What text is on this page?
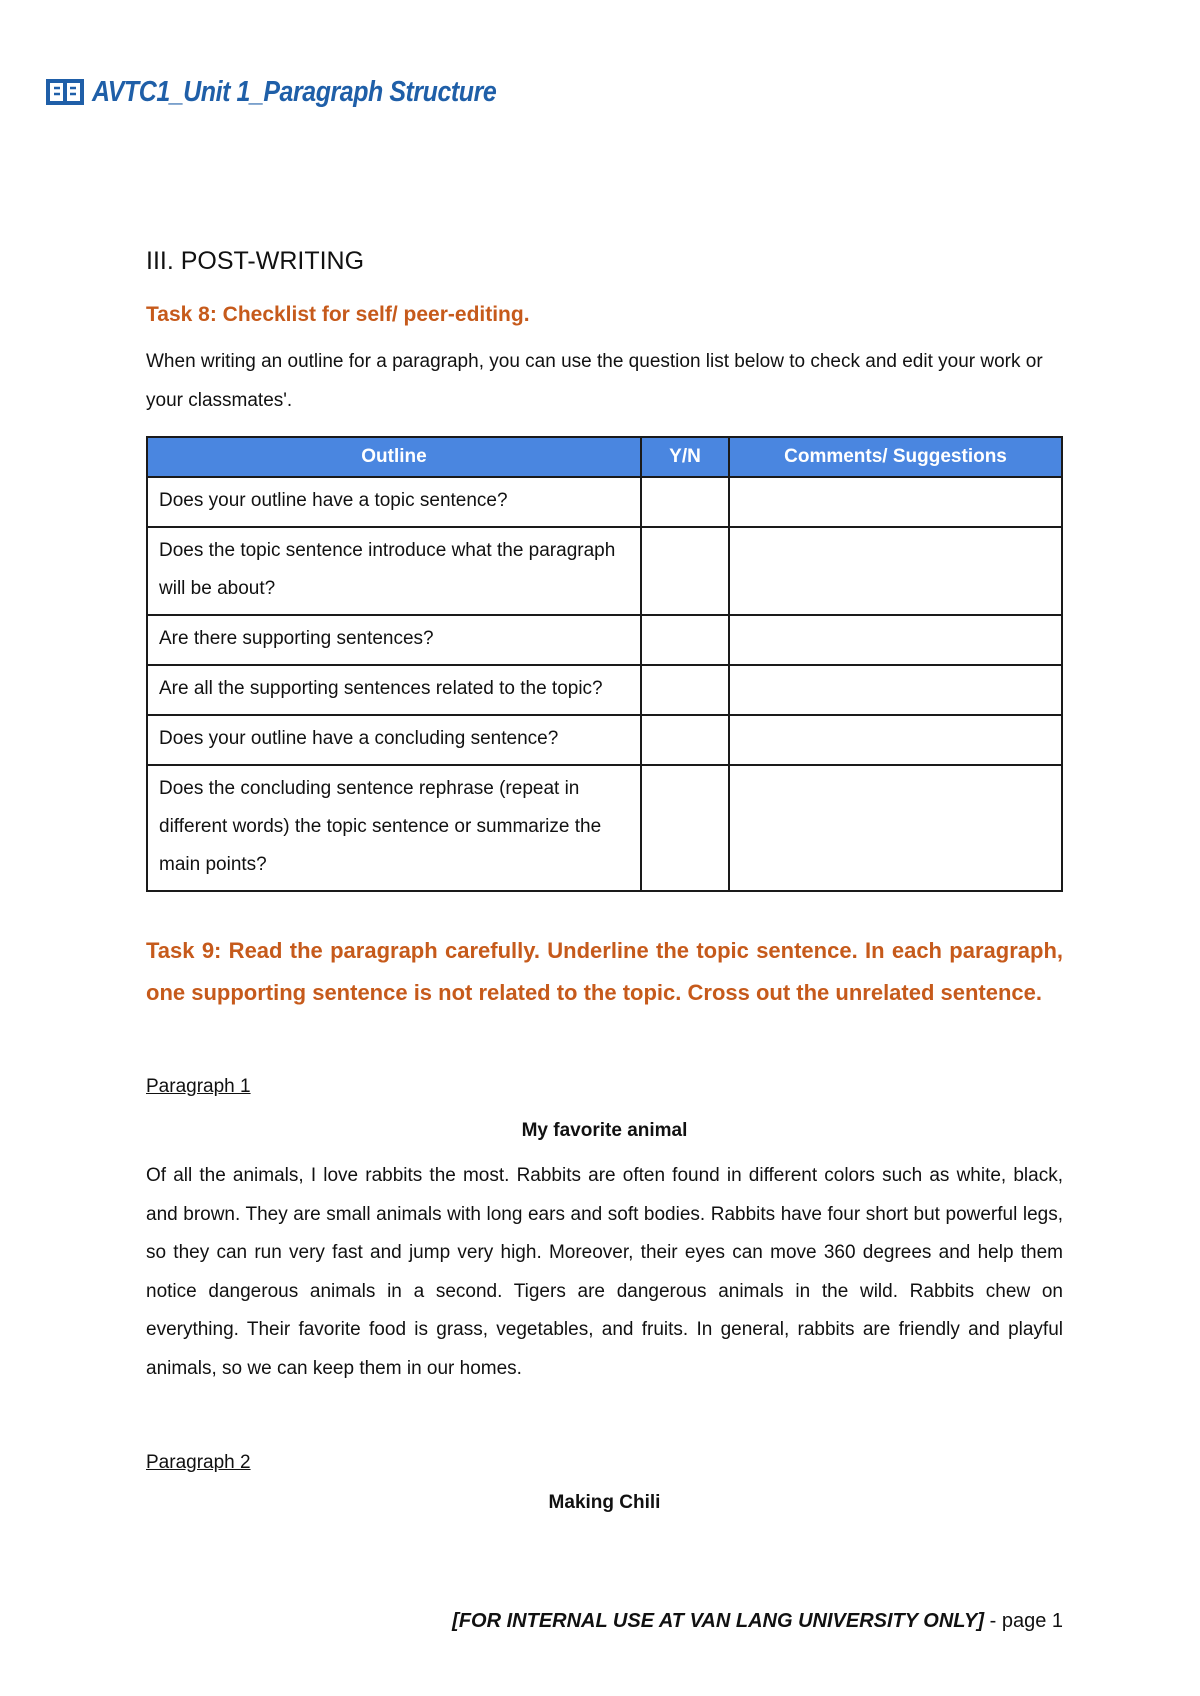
AVTC1_Unit 1_Paragraph Structure
III. POST-WRITING
Task 8: Checklist for self/ peer-editing.
When writing an outline for a paragraph, you can use the question list below to check and edit your work or your classmates'.
Outline	Y/N	Comments/ Suggestions
Does your outline have a topic sentence?		
Does the topic sentence introduce what the paragraph will be about?		
Are there supporting sentences?		
Are all the supporting sentences related to the topic?		
Does your outline have a concluding sentence?		
Does the concluding sentence rephrase (repeat in different words) the topic sentence or summarize the main points?		
Task 9: Read the paragraph carefully. Underline the topic sentence. In each paragraph, one supporting sentence is not related to the topic. Cross out the unrelated sentence.
Paragraph 1
My favorite animal
Of all the animals, I love rabbits the most. Rabbits are often found in different colors such as white, black, and brown. They are small animals with long ears and soft bodies. Rabbits have four short but powerful legs, so they can run very fast and jump very high. Moreover, their eyes can move 360 degrees and help them notice dangerous animals in a second. Tigers are dangerous animals in the wild. Rabbits chew on everything. Their favorite food is grass, vegetables, and fruits. In general, rabbits are friendly and playful animals, so we can keep them in our homes.
Paragraph 2
Making Chili
[FOR INTERNAL USE AT VAN LANG UNIVERSITY ONLY] - page 1
